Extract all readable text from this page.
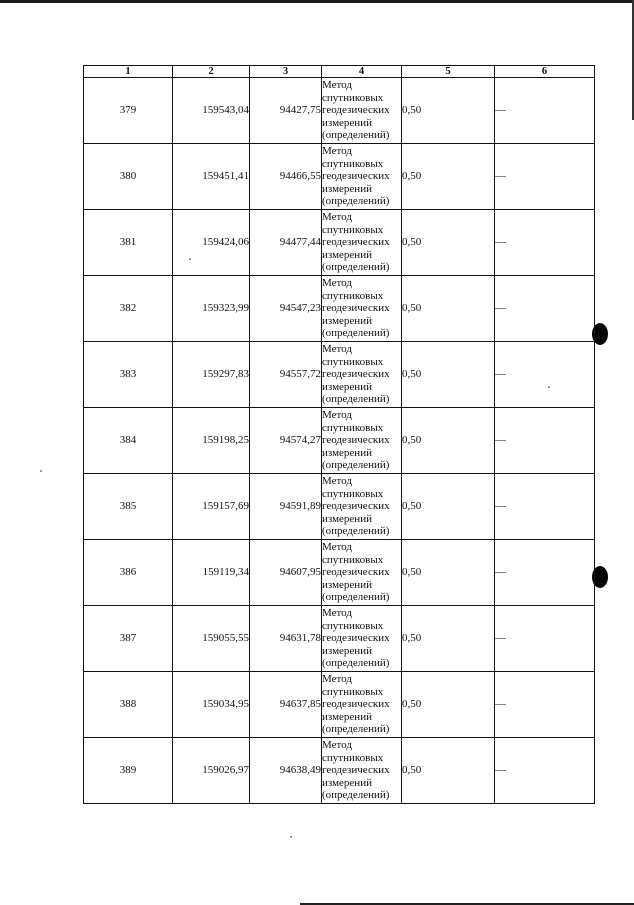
1	2	3	4	5	6
379	159543,04	94427,75	Метод спутниковых геодезических измерений (определений)	0,50	—
380	159451,41	94466,55	Метод спутниковых геодезических измерений (определений)	0,50	—
381	159424,06	94477,44	Метод спутниковых геодезических измерений (определений)	0,50	—
382	159323,99	94547,23	Метод спутниковых геодезических измерений (определений)	0,50	—
383	159297,83	94557,72	Метод спутниковых геодезических измерений (определений)	0,50	—
384	159198,25	94574,27	Метод спутниковых геодезических измерений (определений)	0,50	—
385	159157,69	94591,89	Метод спутниковых геодезических измерений (определений)	0,50	—
386	159119,34	94607,95	Метод спутниковых геодезических измерений (определений)	0,50	—
387	159055,55	94631,78	Метод спутниковых геодезических измерений (определений)	0,50	—
388	159034,95	94637,85	Метод спутниковых геодезических измерений (определений)	0,50	—
389	159026,97	94638,49	Метод спутниковых геодезических измерений (определений)	0,50	—
